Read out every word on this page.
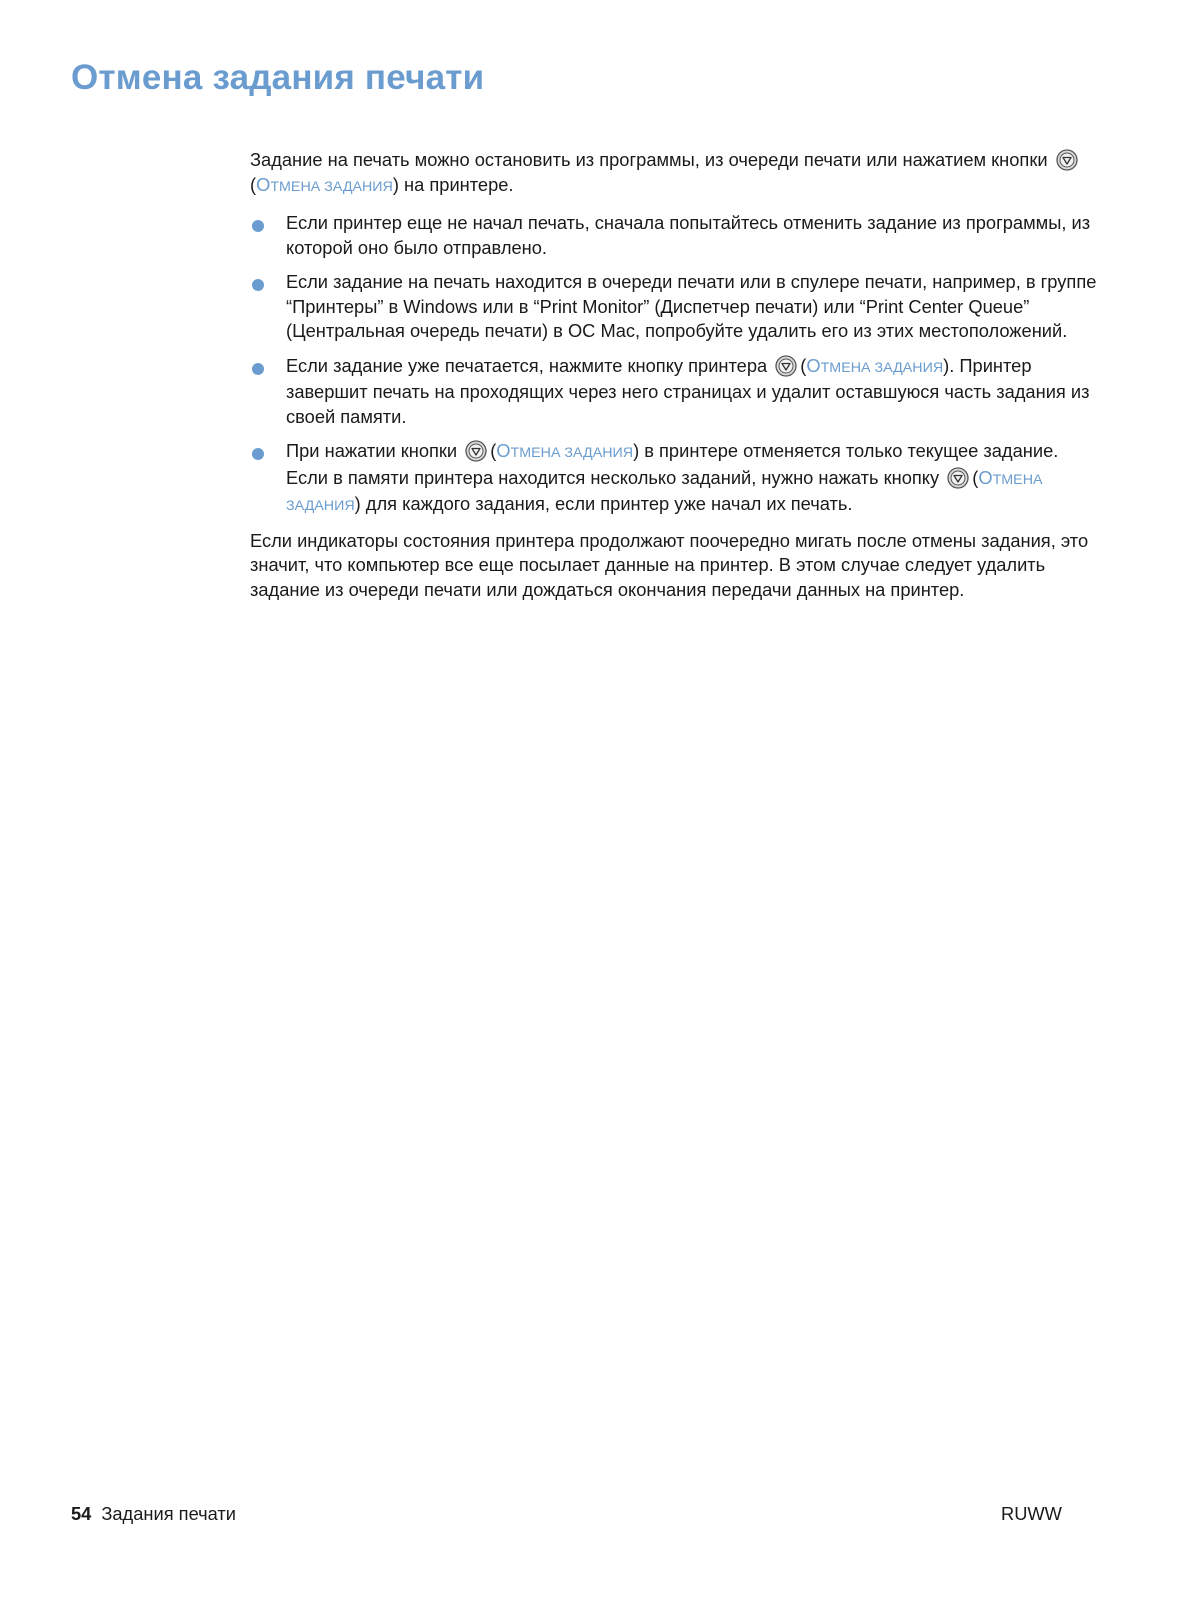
Отмена задания печати

Задание на печать можно остановить из программы, из очереди печати или нажатием кнопки (ОТМЕНА ЗАДАНИЯ) на принтере.

Если принтер еще не начал печать, сначала попытайтесь отменить задание из программы, из которой оно было отправлено.
Если задание на печать находится в очереди печати или в спулере печати, например, в группе “Принтеры” в Windows или в “Print Monitor” (Диспетчер печати) или “Print Center Queue” (Центральная очередь печати) в ОС Mac, попробуйте удалить его из этих местоположений.
Если задание уже печатается, нажмите кнопку принтера (ОТМЕНА ЗАДАНИЯ). Принтер завершит печать на проходящих через него страницах и удалит оставшуюся часть задания из своей памяти.
При нажатии кнопки (ОТМЕНА ЗАДАНИЯ) в принтере отменяется только текущее задание. Если в памяти принтера находится несколько заданий, нужно нажать кнопку (ОТМЕНА ЗАДАНИЯ) для каждого задания, если принтер уже начал их печать.

Если индикаторы состояния принтера продолжают поочередно мигать после отмены задания, это значит, что компьютер все еще посылает данные на принтер. В этом случае следует удалить задание из очереди печати или дождаться окончания передачи данных на принтер.

54 Задания печати	RUWW
